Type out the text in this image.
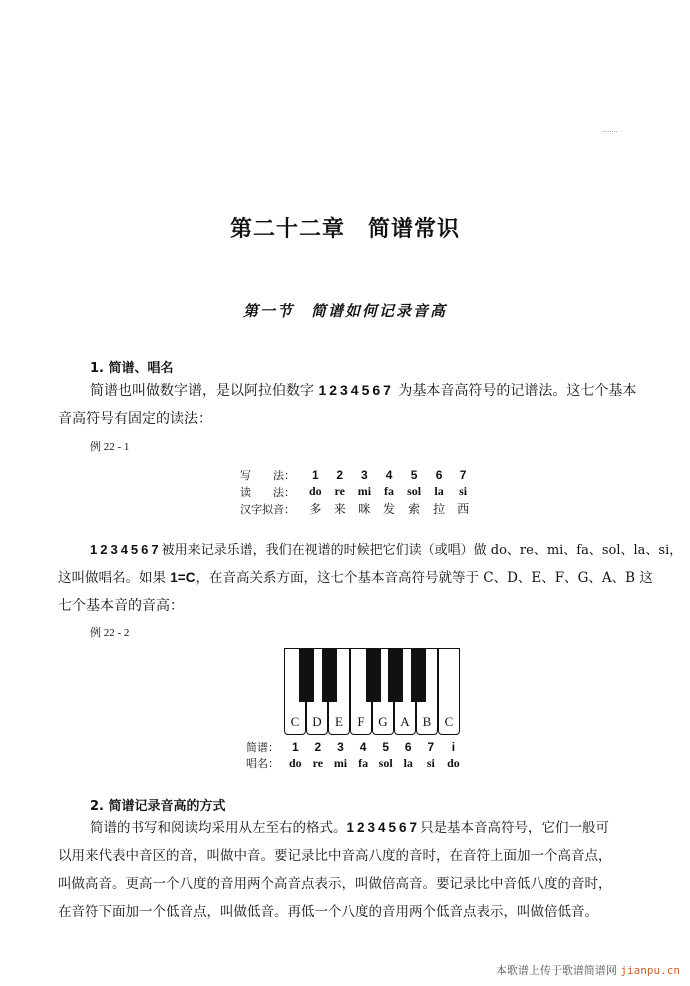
第二十二章　简谱常识
第一节　简谱如何记录音高
1. 简谱、唱名
简谱也叫做数字谱，是以阿拉伯数字 1234567 为基本音高符号的记谱法。这七个基本
音高符号有固定的读法：
例 22 - 1
写　　法：	1	2	3	4	5	6	7
读　　法：	do	re	mi	fa	sol	la	si
汉字拟音：	多	来	咪	发	索	拉	西
1234567被用来记录乐谱，我们在视谱的时候把它们读（或唱）做 do、re、mi、fa、sol、la、si，
这叫做唱名。如果 1=C，在音高关系方面，这七个基本音高符号就等于 C、D、E、F、G、A、B 这
七个基本音的音高：
例 22 - 2
C D	E	F	G A B	C
简谱：	1	2	3	4	5	6	7	i
唱名：	do	re	mi	fa	sol	la	si	do
2. 简谱记录音高的方式
简谱的书写和阅读均采用从左至右的格式。1234567只是基本音高符号，它们一般可
以用来代表中音区的音，叫做中音。要记录比中音高八度的音时，在音符上面加一个高音点，
叫做高音。更高一个八度的音用两个高音点表示，叫做倍高音。要记录比中音低八度的音时，
在音符下面加一个低音点，叫做低音。再低一个八度的音用两个低音点表示，叫做倍低音。
本歌谱上传于歌谱简谱网 jianpu.cn
